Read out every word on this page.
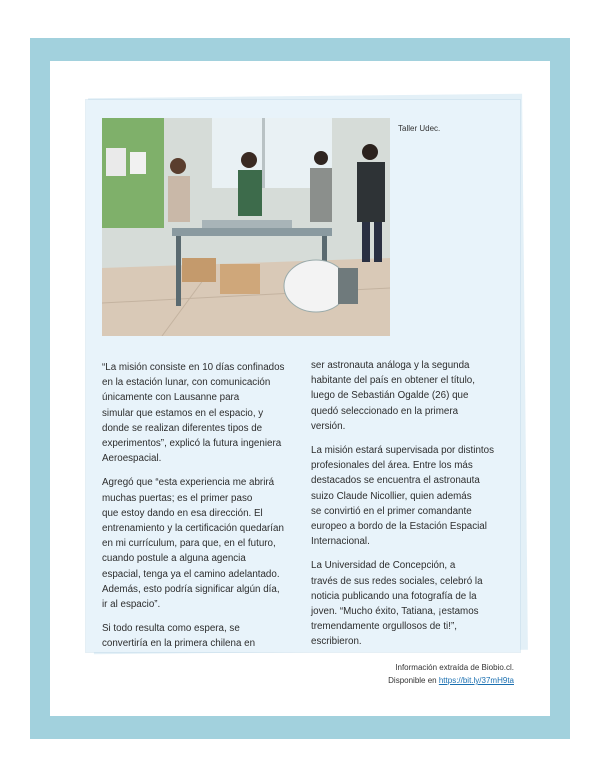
Taller Udec.

“La misión consiste en 10 días confinados
en la estación lunar, con comunicación
únicamente con Lausanne para
simular que estamos en el espacio, y
donde se realizan diferentes tipos de
experimentos”, explicó la futura ingeniera
Aeroespacial.

Agregó que “esta experiencia me abrirá
muchas puertas; es el primer paso
que estoy dando en esa dirección. El
entrenamiento y la certificación quedarían
en mi currículum, para que, en el futuro,
cuando postule a alguna agencia
espacial, tenga ya el camino adelantado.
Además, esto podría significar algún día,
ir al espacio”.

Si todo resulta como espera, se
convertiría en la primera chilena en

ser astronauta análoga y la segunda
habitante del país en obtener el título,
luego de Sebastián Ogalde (26) que
quedó seleccionado en la primera
versión.

La misión estará supervisada por distintos
profesionales del área. Entre los más
destacados se encuentra el astronauta
suizo Claude Nicollier, quien además
se convirtió en el primer comandante
europeo a bordo de la Estación Espacial
Internacional.

La Universidad de Concepción, a
través de sus redes sociales, celebró la
noticia publicando una fotografía de la
joven. “Mucho éxito, Tatiana, ¡estamos
tremendamente orgullosos de ti!”,
escribieron.

Información extraída de Biobio.cl.
Disponible en https://bit.ly/37mH9ta
